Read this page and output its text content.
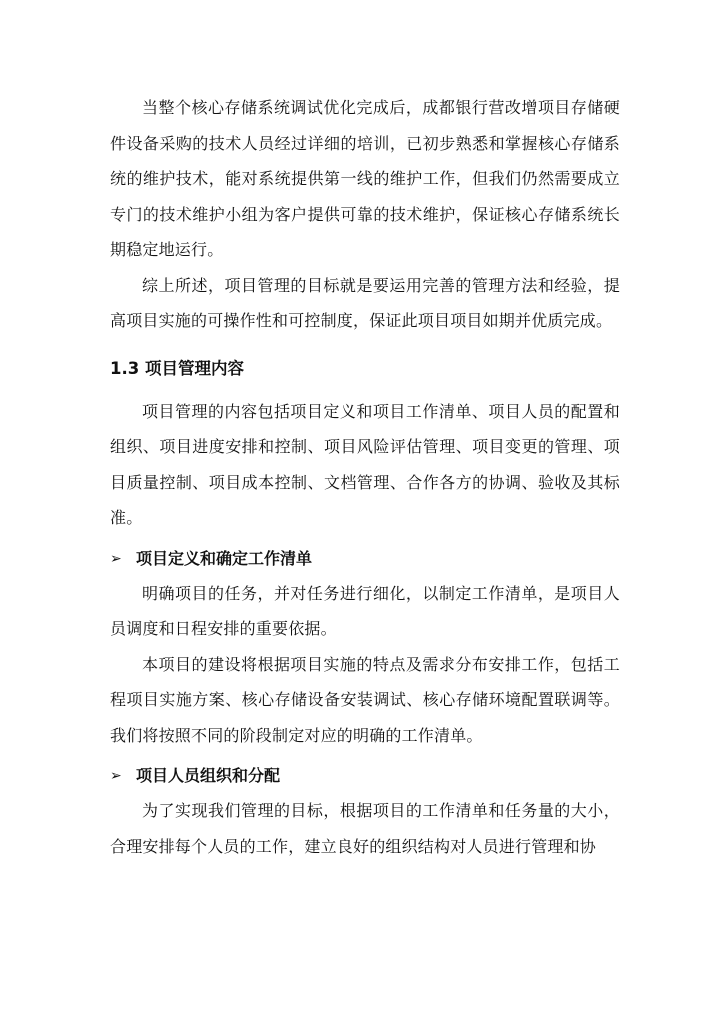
当整个核心存储系统调试优化完成后，成都银行营改增项目存储硬件设备采购的技术人员经过详细的培训，已初步熟悉和掌握核心存储系统的维护技术，能对系统提供第一线的维护工作，但我们仍然需要成立专门的技术维护小组为客户提供可靠的技术维护，保证核心存储系统长期稳定地运行。

综上所述，项目管理的目标就是要运用完善的管理方法和经验，提高项目实施的可操作性和可控制度，保证此项目项目如期并优质完成。

1.3 项目管理内容

项目管理的内容包括项目定义和项目工作清单、项目人员的配置和组织、项目进度安排和控制、项目风险评估管理、项目变更的管理、项目质量控制、项目成本控制、文档管理、合作各方的协调、验收及其标准。

➢ 项目定义和确定工作清单

明确项目的任务，并对任务进行细化，以制定工作清单，是项目人员调度和日程安排的重要依据。

本项目的建设将根据项目实施的特点及需求分布安排工作，包括工程项目实施方案、核心存储设备安装调试、核心存储环境配置联调等。我们将按照不同的阶段制定对应的明确的工作清单。

➢ 项目人员组织和分配

为了实现我们管理的目标，根据项目的工作清单和任务量的大小，合理安排每个人员的工作，建立良好的组织结构对人员进行管理和协
